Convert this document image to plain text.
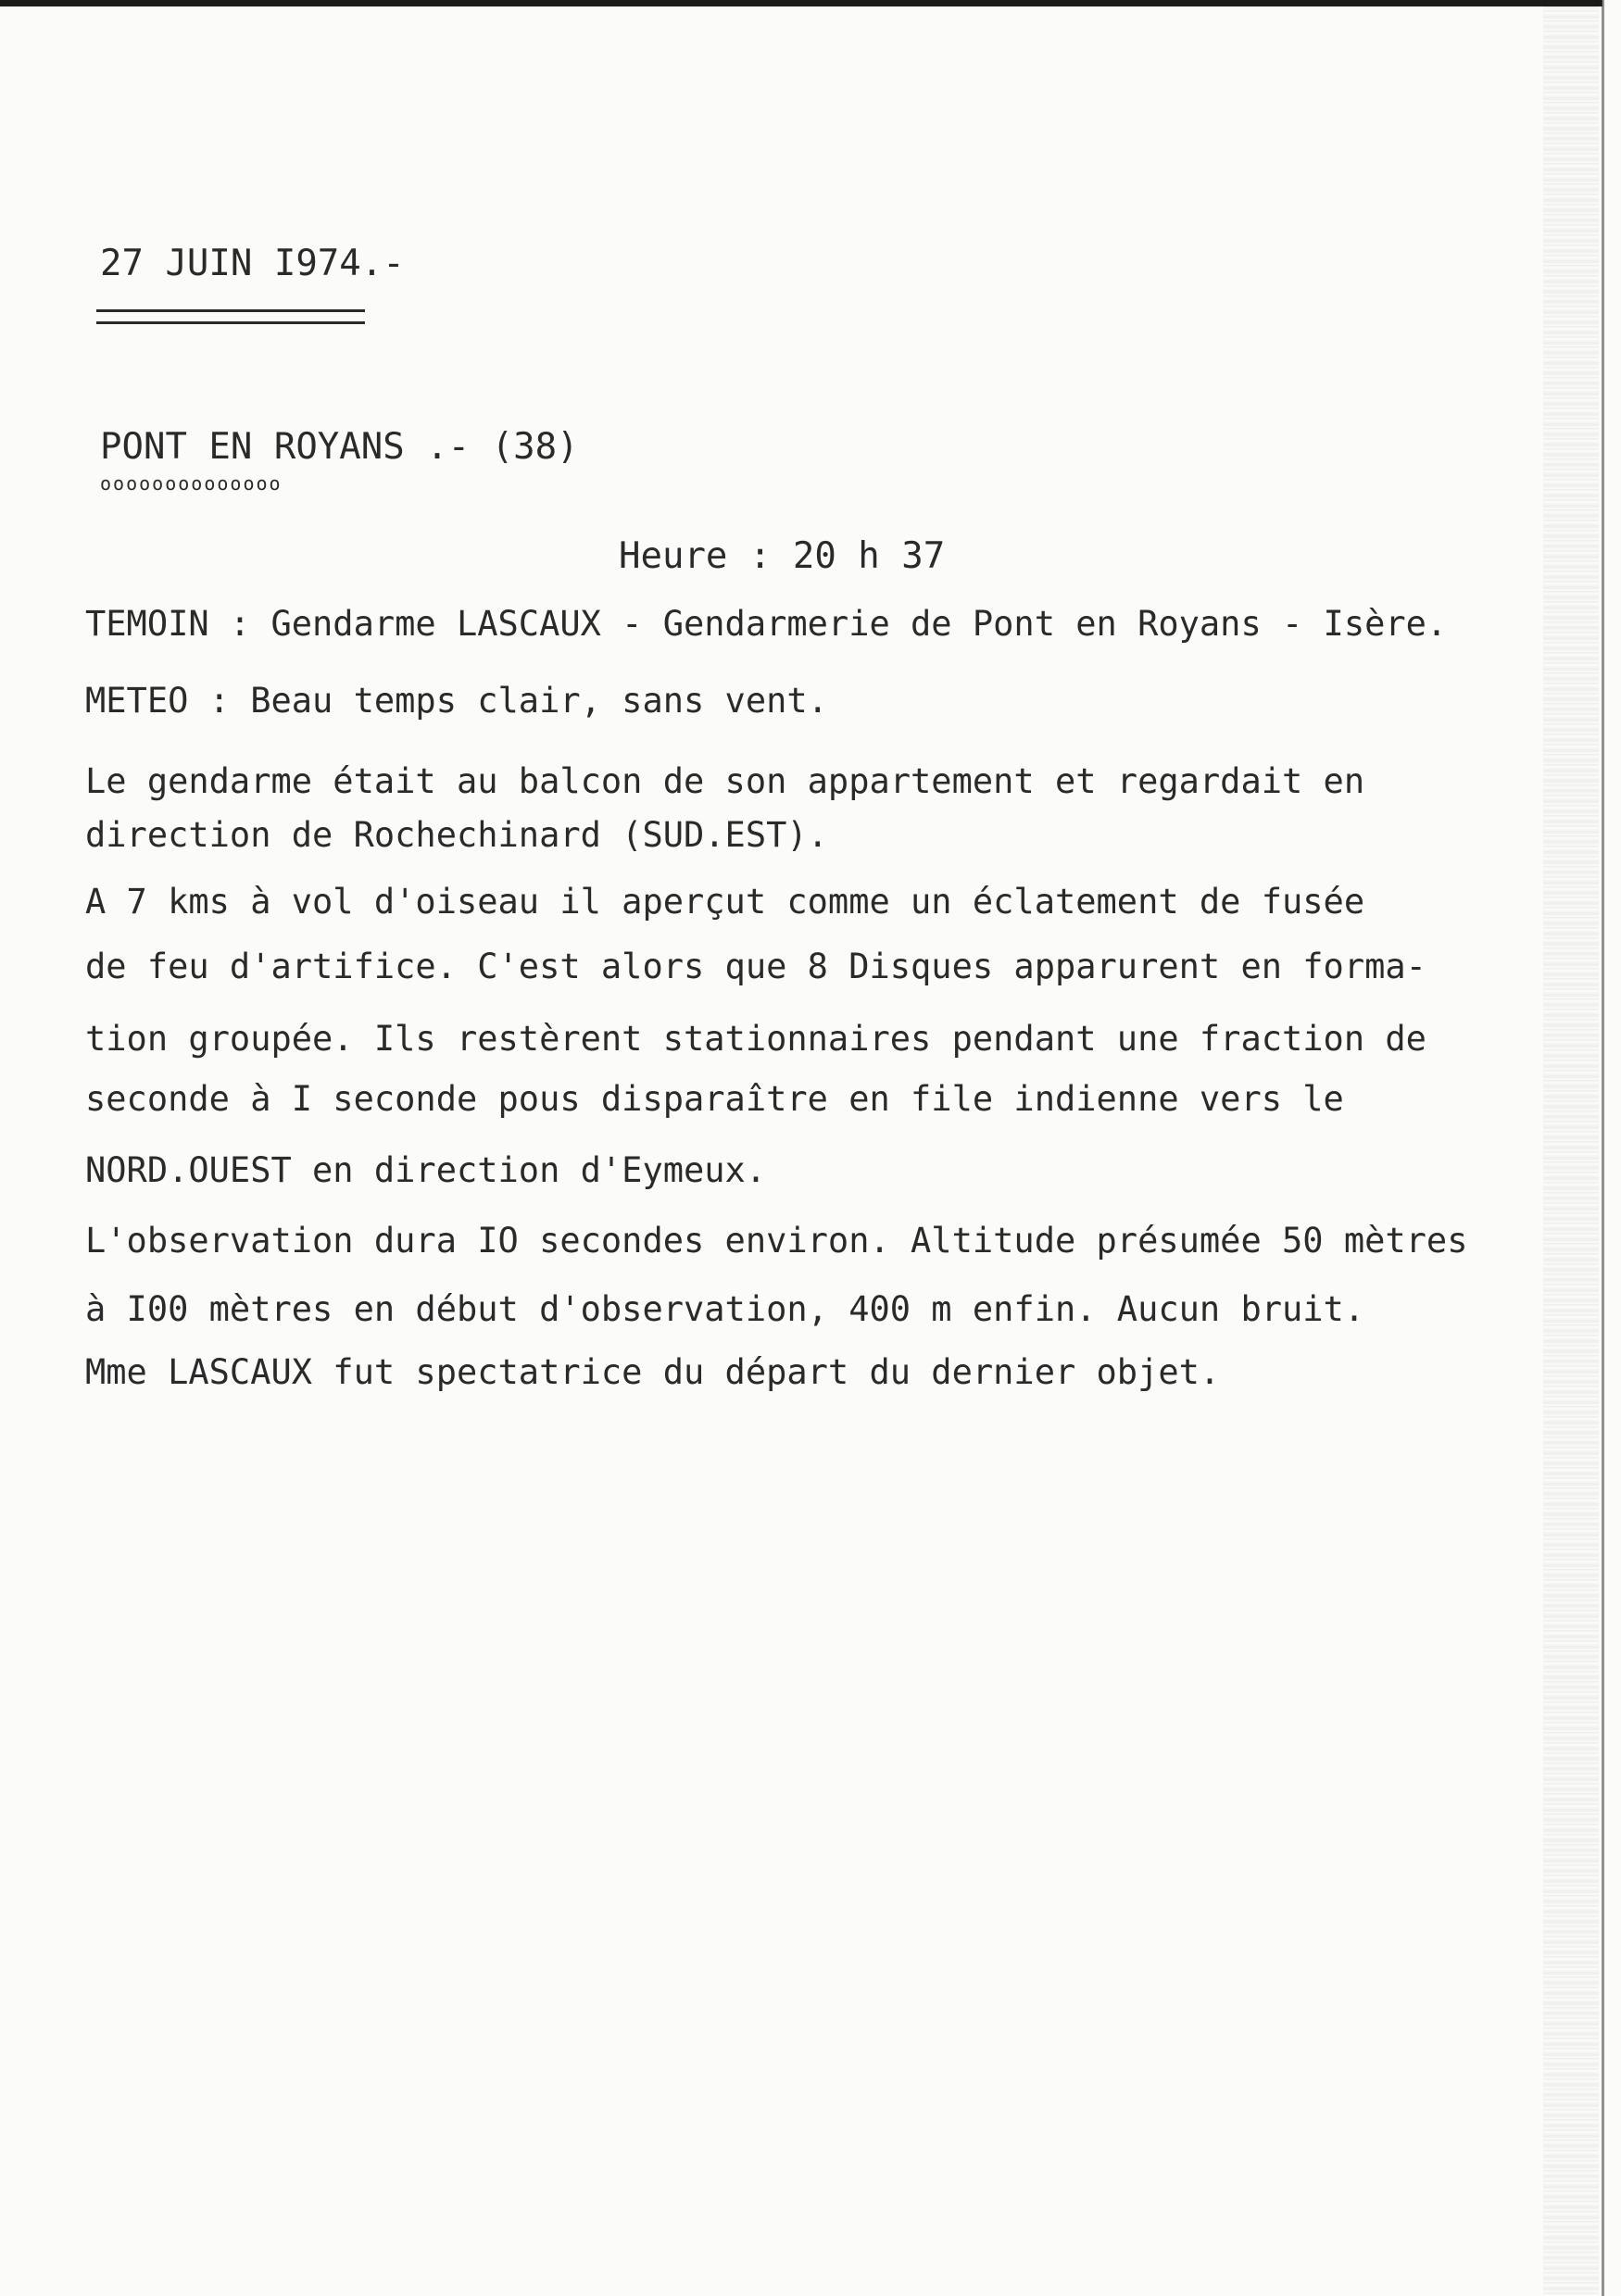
27 JUIN I974.-
PONT EN ROYANS .- (38)
oooooooooooooo
Heure : 20 h 37
TEMOIN : Gendarme LASCAUX - Gendarmerie de Pont en Royans - Isère.
METEO : Beau temps clair, sans vent.
Le gendarme était au balcon de son appartement et regardait en
direction de Rochechinard (SUD.EST).
A 7 kms à vol d'oiseau il aperçut comme un éclatement de fusée
de feu d'artifice. C'est alors que 8 Disques apparurent en forma-
tion groupée. Ils restèrent stationnaires pendant une fraction de
seconde à I seconde pous disparaître en file indienne vers le
NORD.OUEST en direction d'Eymeux.
L'observation dura IO secondes environ. Altitude présumée 50 mètres
à I00 mètres en début d'observation, 400 m enfin. Aucun bruit.
Mme LASCAUX fut spectatrice du départ du dernier objet.
